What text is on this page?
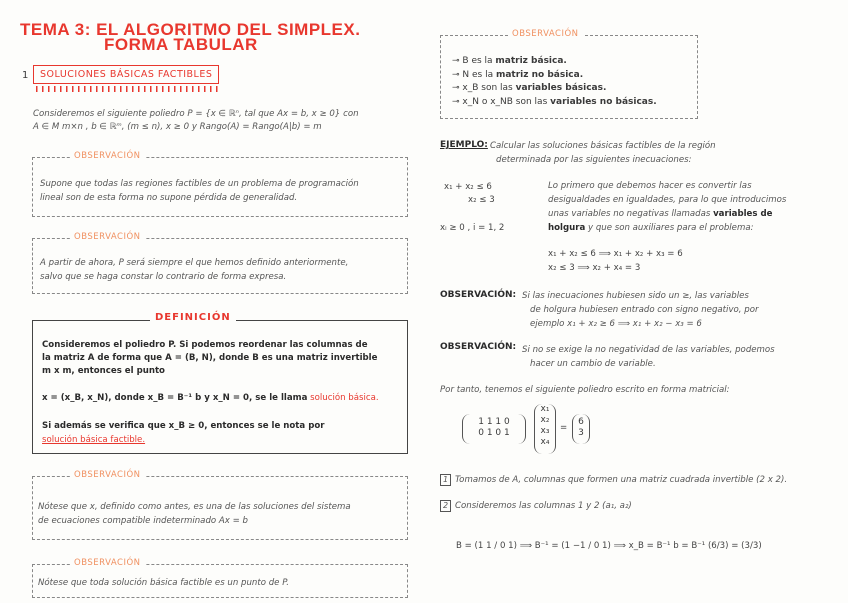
TEMA 3: EL ALGORITMO DEL SIMPLEX.
FORMA TABULAR
1	SOLUCIONES BÁSICAS FACTIBLES
Consideremos el siguiente poliedro P = {x ∈ ℝⁿ, tal que Ax = b, x ≥ 0} con
A ∈ M m×n , b ∈ ℝᵐ, (m ≤ n), x ≥ 0 y Rango(A) = Rango(A|b) = m
OBSERVACIÓN
Supone que todas las regiones factibles de un problema de programación
lineal son de esta forma no supone pérdida de generalidad.
OBSERVACIÓN
A partir de ahora, P será siempre el que hemos definido anteriormente,
salvo que se haga constar lo contrario de forma expresa.
DEFINICIÓN
Consideremos el poliedro P. Si podemos reordenar las columnas de
la matriz A de forma que A = (B, N), donde B es una matriz invertible
m x m, entonces el punto
x = (x_B, x_N), donde x_B = B⁻¹ b y x_N = 0, se le llama solución básica.
Si además se verifica que x_B ≥ 0, entonces se le nota por
solución básica factible.
OBSERVACIÓN
Nótese que x, definido como antes, es una de las soluciones del sistema
de ecuaciones compatible indeterminado Ax = b
OBSERVACIÓN
Nótese que toda solución básica factible es un punto de P.
OBSERVACIÓN
⊸ B es la matriz básica.
⊸ N es la matriz no básica.
⊸ x_B son las variables básicas.
⊸ x_N o x_NB son las variables no básicas.
EJEMPLO: Calcular las soluciones básicas factibles de la región
determinada por las siguientes inecuaciones:
x₁ + x₂ ≤ 6
x₂ ≤ 3
xᵢ ≥ 0 , i = 1, 2
Lo primero que debemos hacer es convertir las
desigualdades en igualdades, para lo que introducimos
unas variables no negativas llamadas variables de
holgura y que son auxiliares para el problema:
x₁ + x₂ ≤ 6 ⟹ x₁ + x₂ + x₃ = 6
x₂ ≤ 3 ⟹ x₂ + x₄ = 3
OBSERVACIÓN: Si las inecuaciones hubiesen sido un ≥, las variables
de holgura hubiesen entrado con signo negativo, por
ejemplo x₁ + x₂ ≥ 6 ⟹ x₁ + x₂ − x₃ = 6
OBSERVACIÓN: Si no se exige la no negatividad de las variables, podemos
hacer un cambio de variable.
Por tanto, tenemos el siguiente poliedro escrito en forma matricial:
1 1 1 0
0 1 0 1
x₁
x₂
x₃
x₄
=
6
3
1 Tomamos de A, columnas que formen una matriz cuadrada invertible (2 x 2).
2 Consideremos las columnas 1 y 2 (a₁, a₂)
B = (1 1 / 0 1) ⟹ B⁻¹ = (1 −1 / 0 1) ⟹ x_B = B⁻¹ b = B⁻¹ (6/3) = (3/3)
